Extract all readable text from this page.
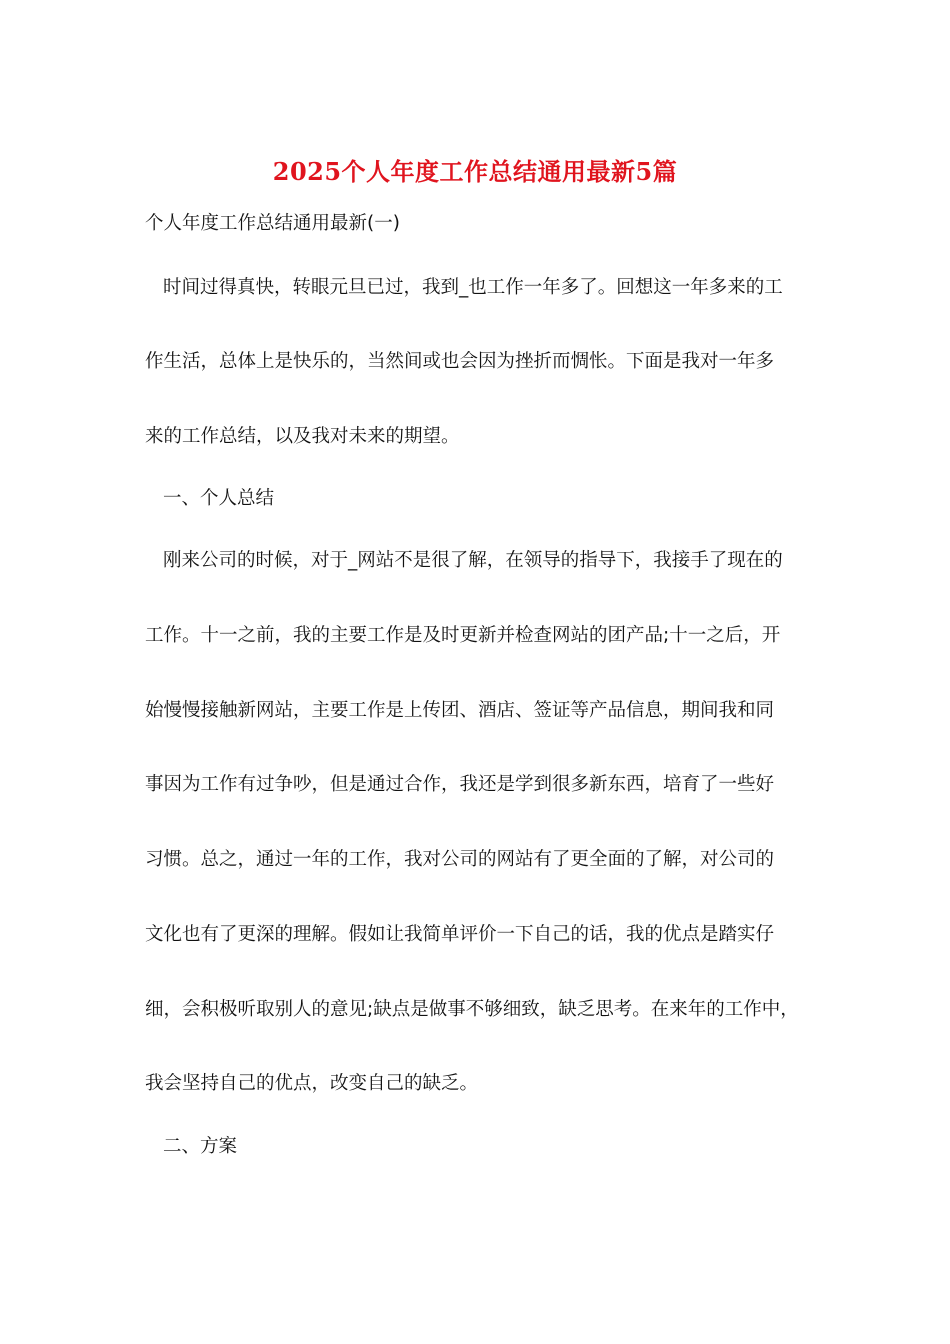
2025个人年度工作总结通用最新5篇
个人年度工作总结通用最新(一)
时间过得真快，转眼元旦已过，我到_也工作一年多了。回想这一年多来的工
作生活，总体上是快乐的，当然间或也会因为挫折而惆怅。下面是我对一年多
来的工作总结，以及我对未来的期望。
一、个人总结
刚来公司的时候，对于_网站不是很了解，在领导的指导下，我接手了现在的
工作。十一之前，我的主要工作是及时更新并检查网站的团产品;十一之后，开
始慢慢接触新网站，主要工作是上传团、酒店、签证等产品信息，期间我和同
事因为工作有过争吵，但是通过合作，我还是学到很多新东西，培育了一些好
习惯。总之，通过一年的工作，我对公司的网站有了更全面的了解，对公司的
文化也有了更深的理解。假如让我简单评价一下自己的话，我的优点是踏实仔
细，会积极听取别人的意见;缺点是做事不够细致，缺乏思考。在来年的工作中，
我会坚持自己的优点，改变自己的缺乏。
二、方案
